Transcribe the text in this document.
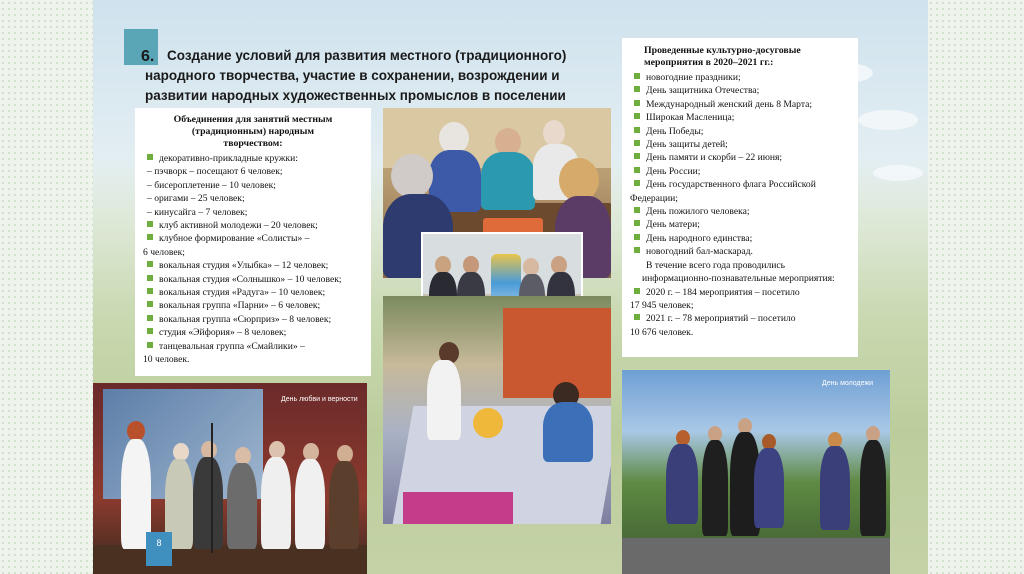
6. Создание условий для развития местного (традиционного) народного творчества, участие в сохранении, возрождении и развитии народных художественных промыслов в поселении
Объединения для занятий местным (традиционным) народным творчеством:
декоративно-прикладные кружки:
– пэчворк – посещают 6 человек;
– бисероплетение – 10 человек;
– оригами – 25 человек;
– кинусайга – 7 человек;
клуб активной молодежи – 20 человек;
клубное формирование «Солисты» –
6 человек;
вокальная студия «Улыбка» – 12 человек;
вокальная студия «Солнышко» – 10 человек;
вокальная студия «Радуга» – 10 человек;
вокальная группа «Парни» – 6 человек;
вокальная группа «Сюрприз» – 8 человек;
студия «Эйфория» – 8 человек;
танцевальная группа «Смайлики» –
10 человек.
Проведенные культурно-досуговые мероприятия в 2020–2021 гг.:
новогодние праздники;
День защитника Отечества;
Международный женский день 8 Марта;
Широкая Масленица;
День Победы;
День защиты детей;
День памяти и скорби – 22 июня;
День России;
День государственного флага Российской
Федерации;
День пожилого человека;
День матери;
День народного единства;
новогодний бал-маскарад.
В течение всего года проводились информационно-познавательные мероприятия:
2020 г. – 184 мероприятия – посетило
17 945 человек;
2021 г. – 78 мероприятий – посетило
10 676 человек.
День любви и верности
День молодежи
8
